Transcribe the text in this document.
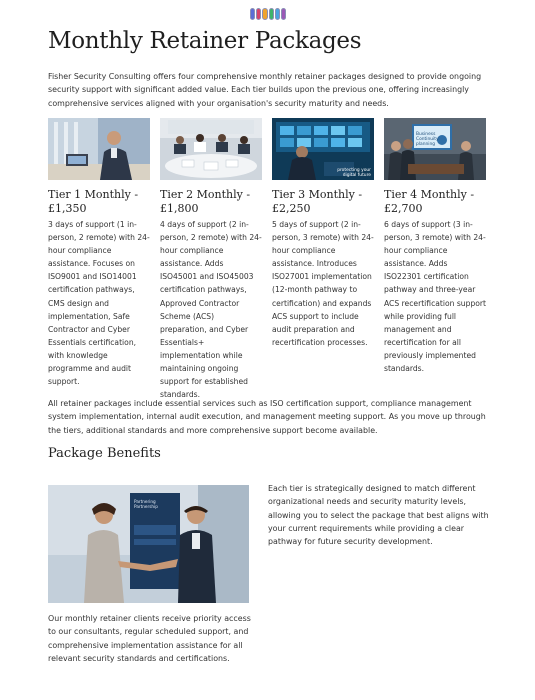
Monthly Retainer Packages

Fisher Security Consulting offers four comprehensive monthly retainer packages designed to provide ongoing security support with significant added value. Each tier builds upon the previous one, offering increasingly comprehensive services aligned with your organisation's security maturity and needs.

Tier 1 Monthly - £1,350

3 days of support (1 in-person, 2 remote) with 24-hour compliance assistance. Focuses on ISO9001 and ISO14001 certification pathways, CMS design and implementation, Safe Contractor and Cyber Essentials certification, with knowledge programme and audit support.

Tier 2 Monthly - £1,800

4 days of support (2 in-person, 2 remote) with 24-hour compliance assistance. Adds ISO45001 and ISO45003 certification pathways, Approved Contractor Scheme (ACS) preparation, and Cyber Essentials+ implementation while maintaining ongoing support for established standards.

protecting your digital future
Tier 3 Monthly - £2,250

5 days of support (2 in-person, 3 remote) with 24-hour compliance assistance. Introduces ISO27001 implementation (12-month pathway to certification) and expands ACS support to include audit preparation and recertification processes.

Business Continuity planning
Tier 4 Monthly - £2,700

6 days of support (3 in-person, 3 remote) with 24-hour compliance assistance. Adds ISO22301 certification pathway and three-year ACS recertification support while providing full management and recertification for all previously implemented standards.

All retainer packages include essential services such as ISO certification support, compliance management system implementation, internal audit execution, and management meeting support. As you move up through the tiers, additional standards and more comprehensive support become available.

Package Benefits
Partnering Partnership

Each tier is strategically designed to match different organizational needs and security maturity levels, allowing you to select the package that best aligns with your current requirements while providing a clear pathway for future security development.

Our monthly retainer clients receive priority access to our consultants, regular scheduled support, and comprehensive implementation assistance for all relevant security standards and certifications.
